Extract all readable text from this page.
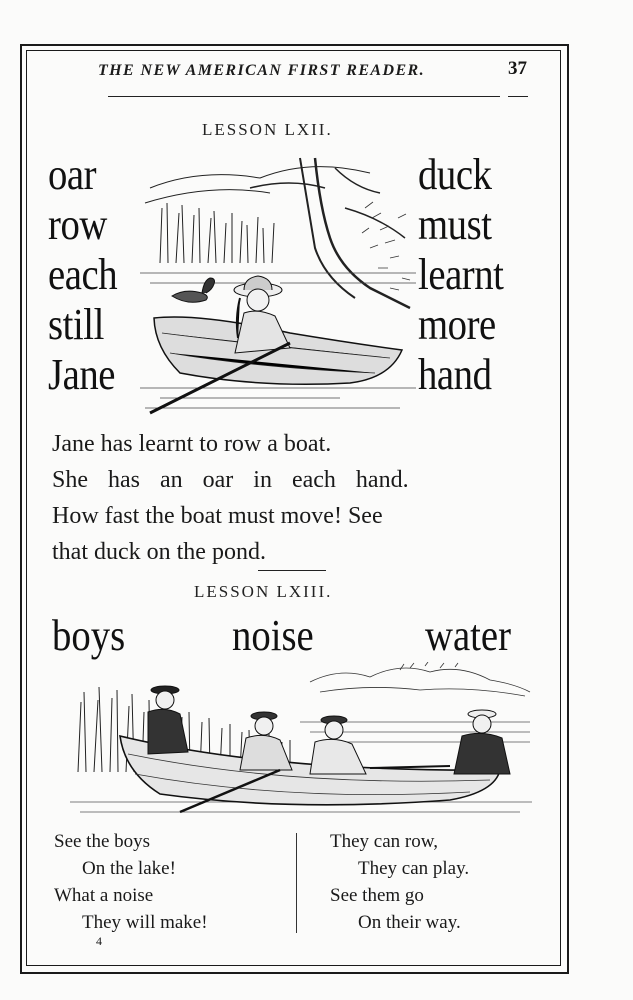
THE NEW AMERICAN FIRST READER.	37
LESSON LXII.
oar
row
each
still
Jane
duck
must
learnt
more
hand
Jane has learnt to row a boat.
She has an oar in each hand.
How fast the boat must move! See
that duck on the pond.
LESSON LXIII.
boys noise	water
See the boys
On the lake!
What a noise
They will make!
They can row,
They can play.
See them go
On their way.
4
